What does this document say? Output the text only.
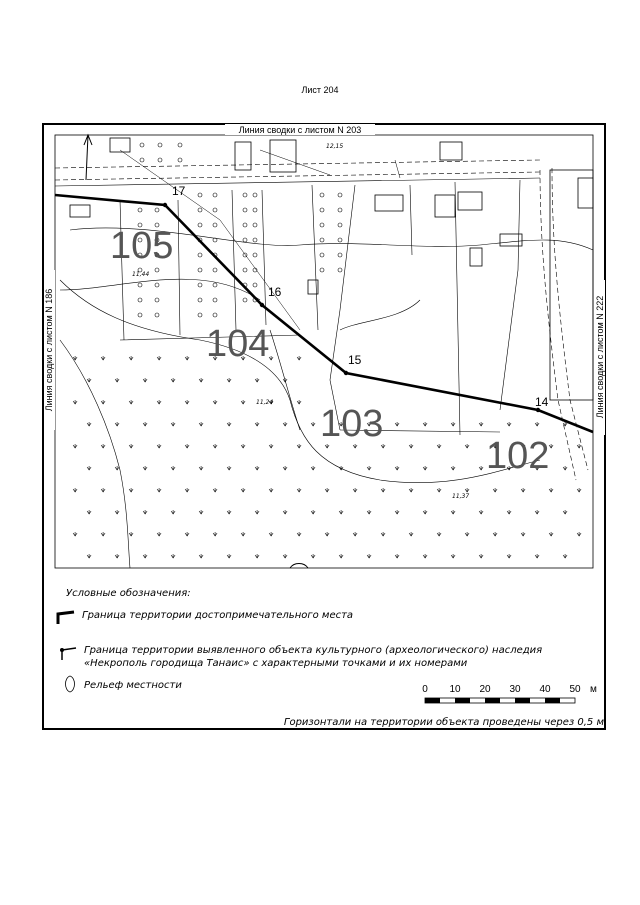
Лист 204
17
16
15
14
105
104
103
102
12,15
11,44
11,24
11,37
Линия сводки с листом N 203
Линия сводки с листом N 186	Линия сводки с листом N 222
0 10 20 30 40 50 м
Условные обозначения:
Граница территории достопримечательного места
Граница территории выявленного объекта культурного (археологического) наследия «Некрополь городища Танаис» с характерными точками и их номерами
Рельеф местности
Горизонтали на территории объекта проведены через 0,5 м
